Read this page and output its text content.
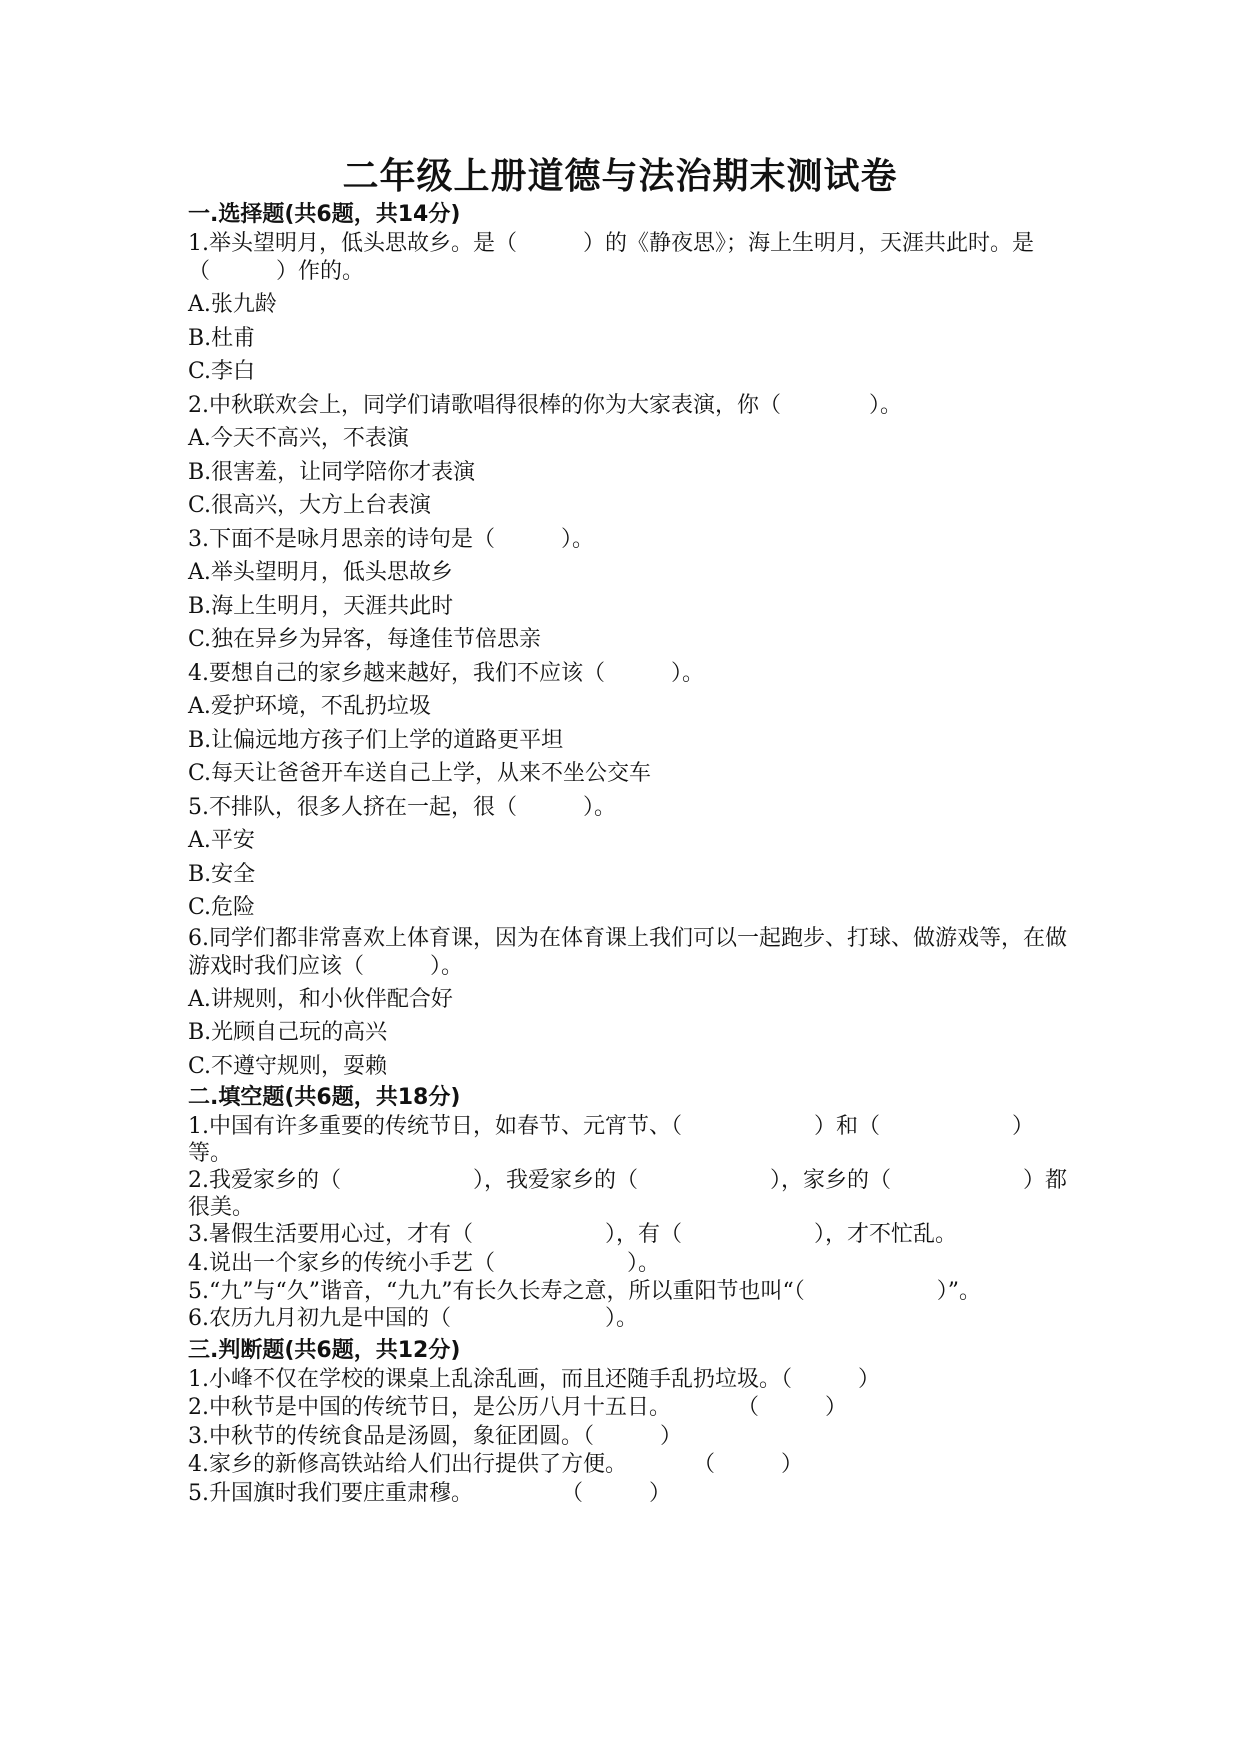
二年级上册道德与法治期末测试卷
一.选择题(共6题，共14分)
1.举头望明月，低头思故乡。是（　　　）的《静夜思》；海上生明月，天涯共此时。是（　　　）作的。
A.张九龄
B.杜甫
C.李白
2.中秋联欢会上，同学们请歌唱得很棒的你为大家表演，你（　　　　）。
A.今天不高兴，不表演
B.很害羞，让同学陪你才表演
C.很高兴，大方上台表演
3.下面不是咏月思亲的诗句是（　　　）。
A.举头望明月，低头思故乡
B.海上生明月，天涯共此时
C.独在异乡为异客，每逢佳节倍思亲
4.要想自己的家乡越来越好，我们不应该（　　　）。
A.爱护环境，不乱扔垃圾
B.让偏远地方孩子们上学的道路更平坦
C.每天让爸爸开车送自己上学，从来不坐公交车
5.不排队，很多人挤在一起，很（　　　）。
A.平安
B.安全
C.危险
6.同学们都非常喜欢上体育课，因为在体育课上我们可以一起跑步、打球、做游戏等，在做游戏时我们应该（　　　）。
A.讲规则，和小伙伴配合好
B.光顾自己玩的高兴
C.不遵守规则，耍赖
二.填空题(共6题，共18分)
1.中国有许多重要的传统节日，如春节、元宵节、（　　　　　　）和（　　　　　　）等。
2.我爱家乡的（　　　　　　），我爱家乡的（　　　　　　），家乡的（　　　　　　）都很美。
3.暑假生活要用心过，才有（　　　　　　），有（　　　　　　），才不忙乱。
4.说出一个家乡的传统小手艺（　　　　　　）。
5.“九”与“久”谐音，“九九”有长久长寿之意，所以重阳节也叫“（　　　　　　）”。
6.农历九月初九是中国的（　　　　　　　）。
三.判断题(共6题，共12分)
1.小峰不仅在学校的课桌上乱涂乱画，而且还随手乱扔垃圾。（　　　）
2.中秋节是中国的传统节日，是公历八月十五日。　　　　（　　　）
3.中秋节的传统食品是汤圆，象征团圆。（　　　）
4.家乡的新修高铁站给人们出行提供了方便。　　　　（　　　）
5.升国旗时我们要庄重肃穆。　　　　　（　　　）
